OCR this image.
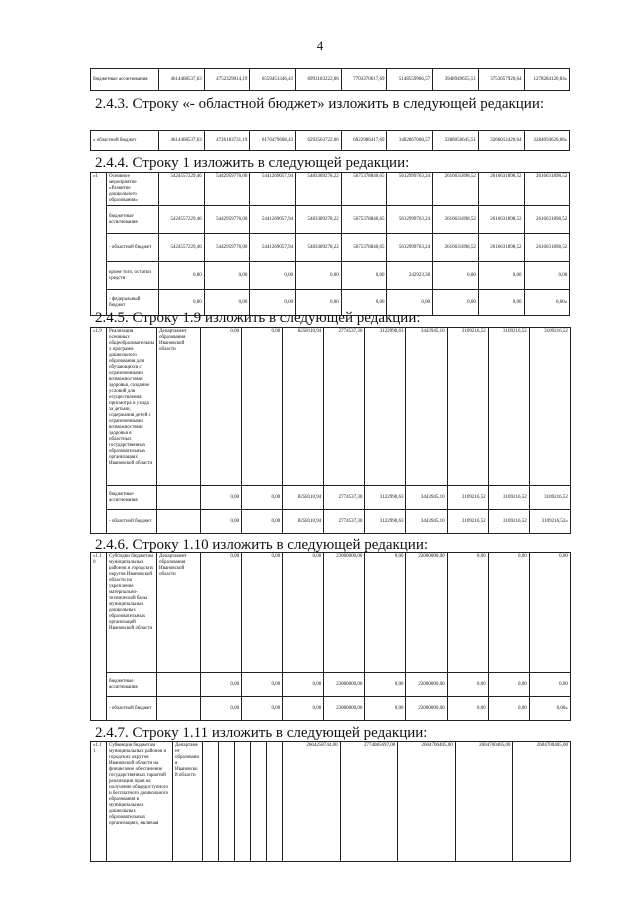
4
бюджетные ассигнования	4614468537,63	4752329014,19	6559451346,43	6993183222,06	7703370617,69	5148559966,57	3948949655,51	3753657920,64	1278284120,84»
2.4.3. Строку «- областной бюджет» изложить в следующей редакции:
« областной бюджет	4614468537,63	4726183731,19	6176479608,43	6293563722,06	6022986417,69	3482867068,57	3288056645,51	3266012420,64	3284050626,08»
2.4.4. Строку 1 изложить в следующей редакции:
«1	Основное мероприятие «Развитие дошкольного образования»	5424557229,46	5442959776,00	5441269057,94	5483389278,22	5675378840,65	5612999763,24	2616631898,52	2616631898,52	2616631898,52
	бюджетные ассигнования	5424557229,46	5442959776,00	5441269057,94	5483389278,22	5675378840,65	5612999763,24	2616631898,52	2616631898,52	2616631898,52
	- областной бюджет	5424557229,46	5442959776,00	5441269057,94	5483389278,22	5675378840,65	5612999763,24	2616631898,52	2616631898,52	2616631898,52
	кроме того, остатки средств	0,00	0,00	0,00	0,00	0,00	242923,30	0,00	0,00	0,00
	- федеральный бюджет	0,00	0,00	0,00	0,00	0,00	0,00	0,00	0,00	0,00»
2.4.5. Строку 1.9 изложить в следующей редакции:
«1.9	Реализация основных общеобразовательных программ дошкольного образования для обучающихся с ограниченными возможностями здоровья, создание условий для осуществления присмотра и ухода за детьми, содержания детей с ограниченными возможностями здоровья в областных государственных образовательных организациях Ивановской области	Департамент образования Ивановской области	0,00	0,00	8258110,94	2774537,30	3122990,63	3443945,10	3109216,52	3109216,52	3109216,52
	бюджетные ассигнования		0,00	0,00	8258110,94	2774537,30	3122990,63	3443945,10	3109216,52	3109216,52	3109216,52
	- областной бюджет		0,00	0,00	8258110,94	2774537,30	3122990,63	3443945,10	3109216,52	3109216,52	3109216,52»
2.4.6. Строку 1.10 изложить в следующей редакции:
«1.10	Субсидии бюджетам муниципальных районов и городских округов Ивановской области на укрепление материально-технической базы муниципальных дошкольных образовательных организаций Ивановской области	Департамент образования Ивановской области	0,00	0,00	0,00	23000000,00	0,00	22000000,00	0,00	0,00	0,00
	бюджетные ассигнования		0,00	0,00	0,00	23000000,00	0,00	22000000,00	0,00	0,00	0,00
	- областной бюджет		0,00	0,00	0,00	23000000,00	0,00	22000000,00	0,00	0,00	0,00»
2.4.7. Строку 1.11 изложить в следующей редакции:
«1.11	Субвенция бюджетам муниципальных районов и городских округов Ивановской области на финансовое обеспечение государственных гарантий реализации прав на получение общедоступного и бесплатного дошкольного образования в муниципальных дошкольных образовательных организациях, включая	Департамент образования Ивановской области						2604258744,00	2774085697,00	2604700405,00	2604700405,00	2604700405,00
